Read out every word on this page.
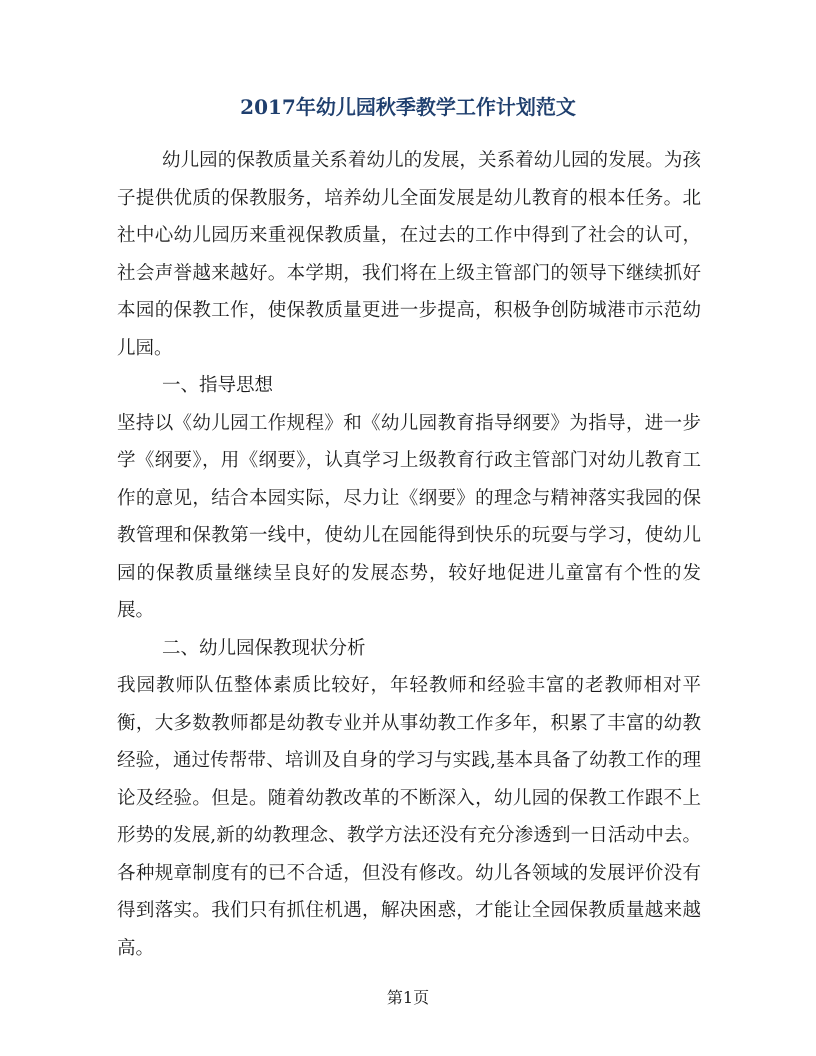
2017年幼儿园秋季教学工作计划范文

幼儿园的保教质量关系着幼儿的发展，关系着幼儿园的发展。为孩子提供优质的保教服务，培养幼儿全面发展是幼儿教育的根本任务。北社中心幼儿园历来重视保教质量，在过去的工作中得到了社会的认可，社会声誉越来越好。本学期，我们将在上级主管部门的领导下继续抓好本园的保教工作，使保教质量更进一步提高，积极争创防城港市示范幼儿园。

一、指导思想

坚持以《幼儿园工作规程》和《幼儿园教育指导纲要》为指导，进一步学《纲要》，用《纲要》，认真学习上级教育行政主管部门对幼儿教育工作的意见，结合本园实际，尽力让《纲要》的理念与精神落实我园的保教管理和保教第一线中，使幼儿在园能得到快乐的玩耍与学习，使幼儿园的保教质量继续呈良好的发展态势，较好地促进儿童富有个性的发展。

二、幼儿园保教现状分析

我园教师队伍整体素质比较好，年轻教师和经验丰富的老教师相对平衡，大多数教师都是幼教专业并从事幼教工作多年，积累了丰富的幼教经验，通过传帮带、培训及自身的学习与实践,基本具备了幼教工作的理论及经验。但是。随着幼教改革的不断深入，幼儿园的保教工作跟不上形势的发展,新的幼教理念、教学方法还没有充分渗透到一日活动中去。各种规章制度有的已不合适，但没有修改。幼儿各领域的发展评价没有得到落实。我们只有抓住机遇，解决困惑，才能让全园保教质量越来越高。

第1页
